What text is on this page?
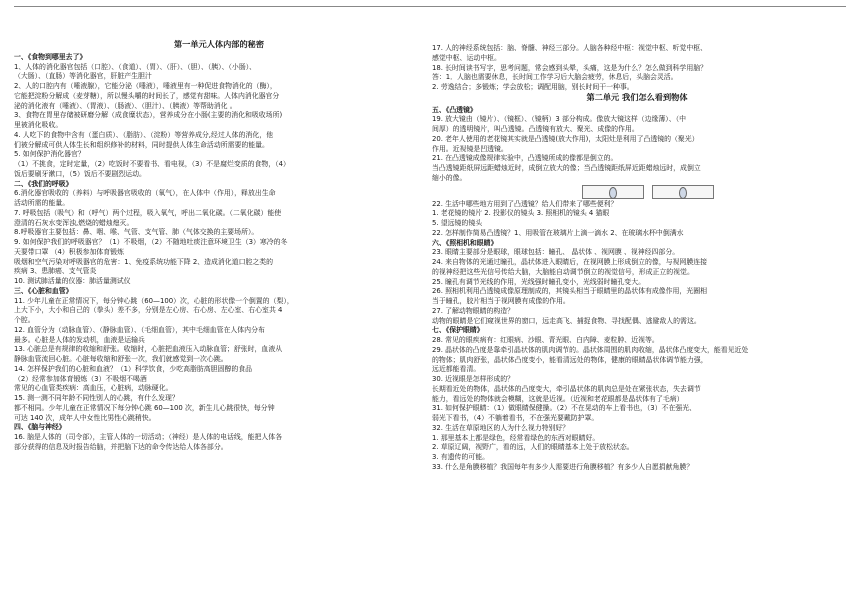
第一单元人体内部的秘密

一、《食物到哪里去了》

1、人体的消化器官包括（口腔）、（食道）、（胃）、（肝）、（胆）、（胰）、（小肠）、

（大肠）、（直肠）等消化器官，肝脏产生胆汁

2、人的口腔内有（唾液腺），它能分泌（唾液），唾液里有一种促进食物消化的（酶），

它能把淀粉分解成（麦芽糖），所以慢头嚼的时间长了，感觉有甜味。人体内消化器官分

泌的消化液有（唾液）、（胃液）、（肠液）、（胆汁）、（胰液）等帮助消化 。

3、食物在胃里存储被研磨分解（成食糜状态），营养成分在小肠(主要的消化和吸收场所)

里被消化吸收。

4. 人吃下的食物中含有（蛋白质）、（脂肪）、（淀粉）等营养成分,经过人体的消化，他

们被分解成可供人体生长和组织修补的材料，同时提供人体生命活动所需要的能量。

5. 如何保护消化器官？

（1）不挑食，定时定量，（2）吃饭时不要看书、看电视，（3）不是腐烂变质的食物，（4）

饭后要刷牙漱口，（5）饭后不要剧烈运动。

二、《我们的呼吸》

6.消化器官吸收的（养料）与呼吸器官吸收的（氧气），在人体中（作用），释放出生命

活动所需的能量。

7. 呼吸包括（吸气）和（呼气）两个过程，吸入氧气，呼出二氧化碳。（二氧化碳）能使

澄清的石灰水变浑浊,燃烧的蜡烛熄灭。

8.呼吸器官主要包括：鼻、咽、喉、气管、支气管、肺（气体交换的主要场所）。

9. 如何保护我们的呼吸器官？（1）不吸烟，（2）不随地吐痰注意环境卫生（3）寒冷的冬

天要带口罩 （4）积极参加体育锻炼

吸烟和空气污染对呼吸器官的危害：1、免疫系统功能下降 2、造成消化道口腔之类的

疾病 3、患肺癌、支气管炎

10. 测试肺活量的仪器：肺活量测试仪

三、《心脏和血管》

11. 少年儿童在正常情况下，每分钟心跳（60—100）次，心脏的形状像一个倒置的（梨），

上大下小，大小和自己的（拳头）差不多，分别是左心房、右心房、左心室、右心室共 4

个腔。

12. 血管分为（动脉血管）、（静脉血管）、（毛细血管），其中毛细血管在人体内分布

最多。心脏是人体的发动机，血液是运输兵

13. 心脏总是有规律的收缩和舒张。收缩时，心脏把血液压入动脉血管；舒张时，血液从

静脉血管流回心脏。心脏每收缩和舒张一次，我们就感觉到一次心跳。

14. 怎样保护我们的心脏和血液？（1）科学饮食，少吃高脂肪高胆固醇的食品

（2）经常参加体育锻炼（3）不吸烟不喝酒

常见的心血管类疾病：高血压，心脏病，动脉硬化。

15. 测一测不同年龄不同性别人的心跳，有什么发现？

都不相同。少年儿童在正常情况下每分钟心跳 60—100 次，新生儿心跳很快，每分钟

可达 140 次，成年人中女性比男性心跳稍快。

四、《脑与神经》

16. 脑是人体的（司令部），主管人体的一切活动；（神经）是人体的电话线，能把人体各

部分获得的信息及时报告给脑，并把脑下达的命令传达给人体各部分。

17. 人的神经系统包括：脑、脊髓、神经三部分。人脑各种经中枢：视觉中枢、听觉中枢、

感觉中枢、运动中枢。

18. 长时间读书写字，思考问题，常会感到头晕，头痛，这是为什么？怎么做到科学用脑？

答：1．人脑也需要休息，长时间工作学习后大脑会疲劳，休息后，头脑会灵活。

2. 劳逸结合；多锻炼；学会放松；调配用脑，别长时间干一种事。

第二单元 我们怎么看到物体

五、《凸透镜》

19. 放大镜由（镜片）、（镜框）、（镜柄）3 部分构成。像放大镜这样（边缘薄）、（中

间厚）的透明镜片，叫凸透镜。凸透镜有放大、聚光、成像的作用。

20. 老年人使用的老花镜其实就是凸透镜(放大作用)，太阳灶是利用了凸透镜的（聚光）

作用。近视镜是凹透镜。

21. 在凸透镜成像规律实验中，凸透镜所成的像都是倒立的。

当凸透镜距纸屏远距蜡烛近时，成倒立放大的像；当凸透镜距纸屏近距蜡烛远时，成倒立

缩小的像。

22. 生活中哪些地方用到了凸透镜？给人们带来了哪些便利？

1. 老花镜的镜片 2. 投影仪的镜头 3. 照相机的镜头 4 猫眼

5. 望远镜的镜头

22. 怎样制作简易凸透镜？1、用吸管在玻璃片上滴一滴水 2、在玻璃水杯中倒满水

六、《照相机和眼睛》

23. 眼睛主要部分是眼球，眼球包括：瞳孔、 晶状体 、视网膜 、视神经四部分。

24. 来自物体的光通过瞳孔，晶状体进入眼睛后，在视网膜上形成倒立的像，与视网膜连接

的视神经把这些光信号传给大脑，大脑能自动调节倒立的视觉信号，形成正立的视觉。

25. 瞳孔有调节光线的作用，光线强时瞳孔变小，光线弱时瞳孔变大。

26. 照相机利用凸透镜成像原理制成的，其镜头相当于眼睛里的晶状体有成像作用，光圈相

当于瞳孔，胶片相当于视网膜有成像的作用。

27. 了解动物眼睛的构造？

动物的眼睛是它们窥视世界的窗口，远走高飞、捕捉食物、寻找配偶、逃避敌人的需这。

七、《保护眼睛》

28. 常见的眼疾病有：红眼病、沙眼、青光眼、白内障、麦粒肿、近视等。

29. 晶状体的凸度是靠牵引晶状体的肌肉调节的。晶状体周围的肌肉收缩，晶状体凸度变大，能看见近处

的物体；肌肉舒张，晶状体凸度变小，能看清远处的物体，健康的眼睛晶状体调节能力强，

远近都能看清。

30. 近视眼是怎样形成的？

长期看近处的物体，晶状体的凸度变大，牵引晶状体的肌肉总是处在紧张状态，失去调节

能力，看远处的物体就会模糊，这就是近视。（近视和老花眼都是晶状体有了毛病）

31. 如何保护眼睛：（1）做眼睛保健操。（2）不在晃动的车上看书也，（3）不在强光、

弱光下看书，（4）不躺着看书，不在强光要戴防护罩。

32. 生活在草原地区的人为什么视力特别好？

1. 那里基本上都是绿色，经常看绿色的东西对眼睛好。

2. 草原辽阔，视野广，看的远，人们的眼睛基本上处于放松状态。

3. 有遗传的可能。

33. 什么是角膜移植？我国每年有多少人需要进行角膜移植？有多少人自愿捐献角膜？
